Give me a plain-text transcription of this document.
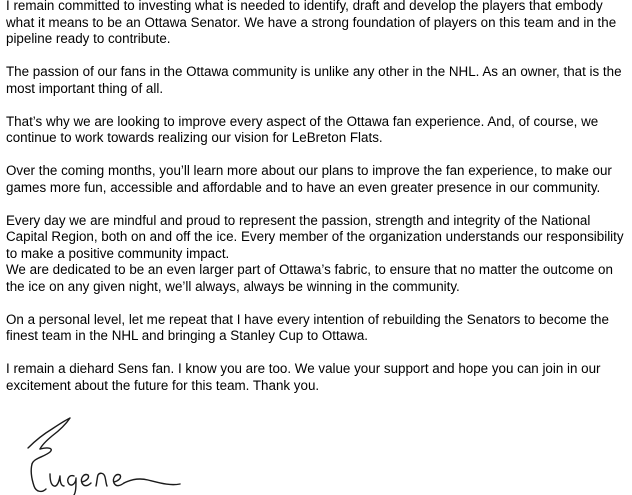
I remain committed to investing what is needed to identify, draft and develop the players that embody what it means to be an Ottawa Senator. We have a strong foundation of players on this team and in the pipeline ready to contribute.

The passion of our fans in the Ottawa community is unlike any other in the NHL. As an owner, that is the most important thing of all.

That’s why we are looking to improve every aspect of the Ottawa fan experience. And, of course, we continue to work towards realizing our vision for LeBreton Flats.

Over the coming months, you’ll learn more about our plans to improve the fan experience, to make our games more fun, accessible and affordable and to have an even greater presence in our community.

Every day we are mindful and proud to represent the passion, strength and integrity of the National Capital Region, both on and off the ice. Every member of the organization understands our responsibility to make a positive community impact.

We are dedicated to be an even larger part of Ottawa’s fabric, to ensure that no matter the outcome on the ice on any given night, we’ll always, always be winning in the community.

On a personal level, let me repeat that I have every intention of rebuilding the Senators to become the finest team in the NHL and bringing a Stanley Cup to Ottawa.

I remain a diehard Sens fan. I know you are too. We value your support and hope you can join in our excitement about the future for this team. Thank you.
